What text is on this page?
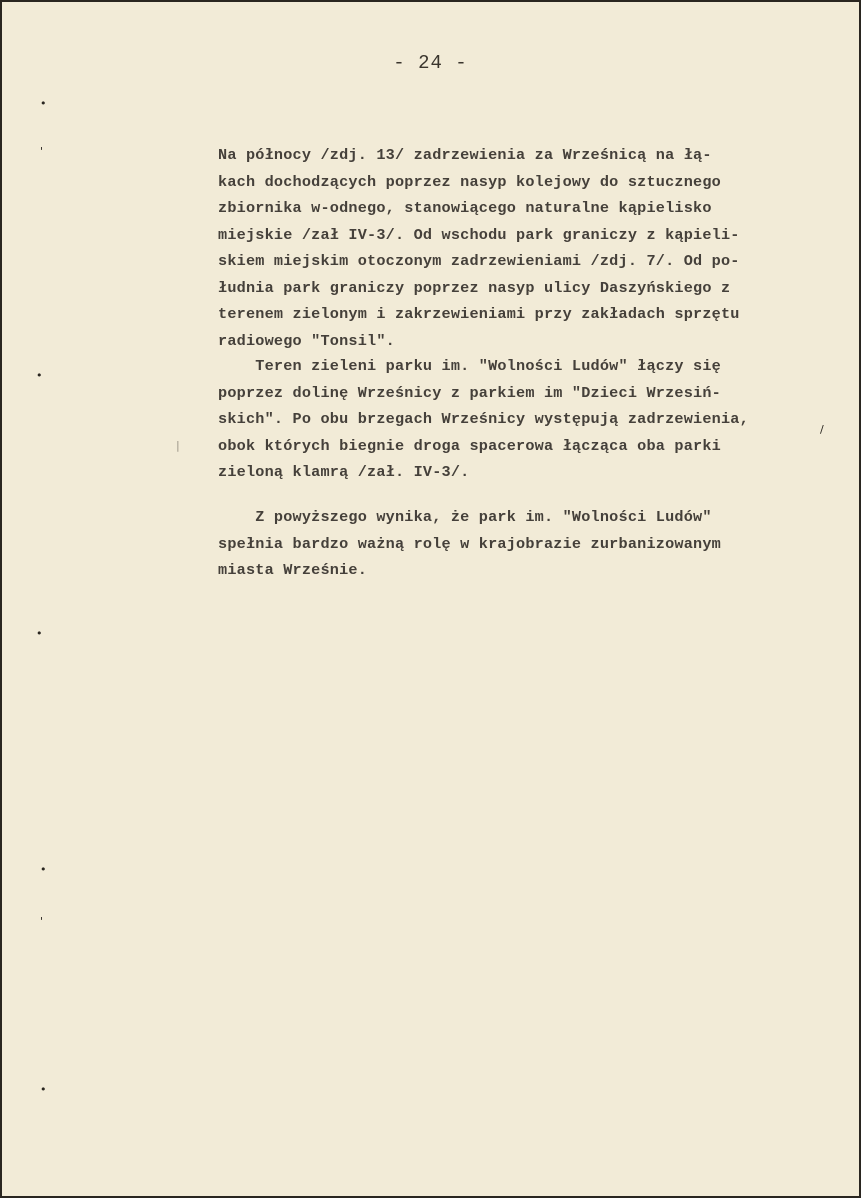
- 24 -
Na północy /zdj. 13/ zadrzewienia za Wrześnicą na łą-
kach dochodzących poprzez nasyp kolejowy do sztucznego
zbiornika w-odnego, stanowiącego naturalne kąpielisko
miejskie /zał IV-3/. Od wschodu park graniczy z kąpieli-
skiem miejskim otoczonym zadrzewieniami /zdj. 7/. Od po-
łudnia park graniczy poprzez nasyp ulicy Daszyńskiego z
terenem zielonym i zakrzewieniami przy zakładach sprzętu
radiowego "Tonsil".
Teren zieleni parku im. "Wolności Ludów" łączy się
poprzez dolinę Wrześnicy z parkiem im "Dzieci Wrzesiń-
skich". Po obu brzegach Wrześnicy występują zadrzewienia,
obok których biegnie droga spacerowa łącząca oba parki
zieloną klamrą /zał. IV-3/.
Z powyższego wynika, że park im. "Wolności Ludów"
spełnia bardzo ważną rolę w krajobrazie zurbanizowanym
miasta Wrześnie.
•
'
•
•
•
'
•
|
/
